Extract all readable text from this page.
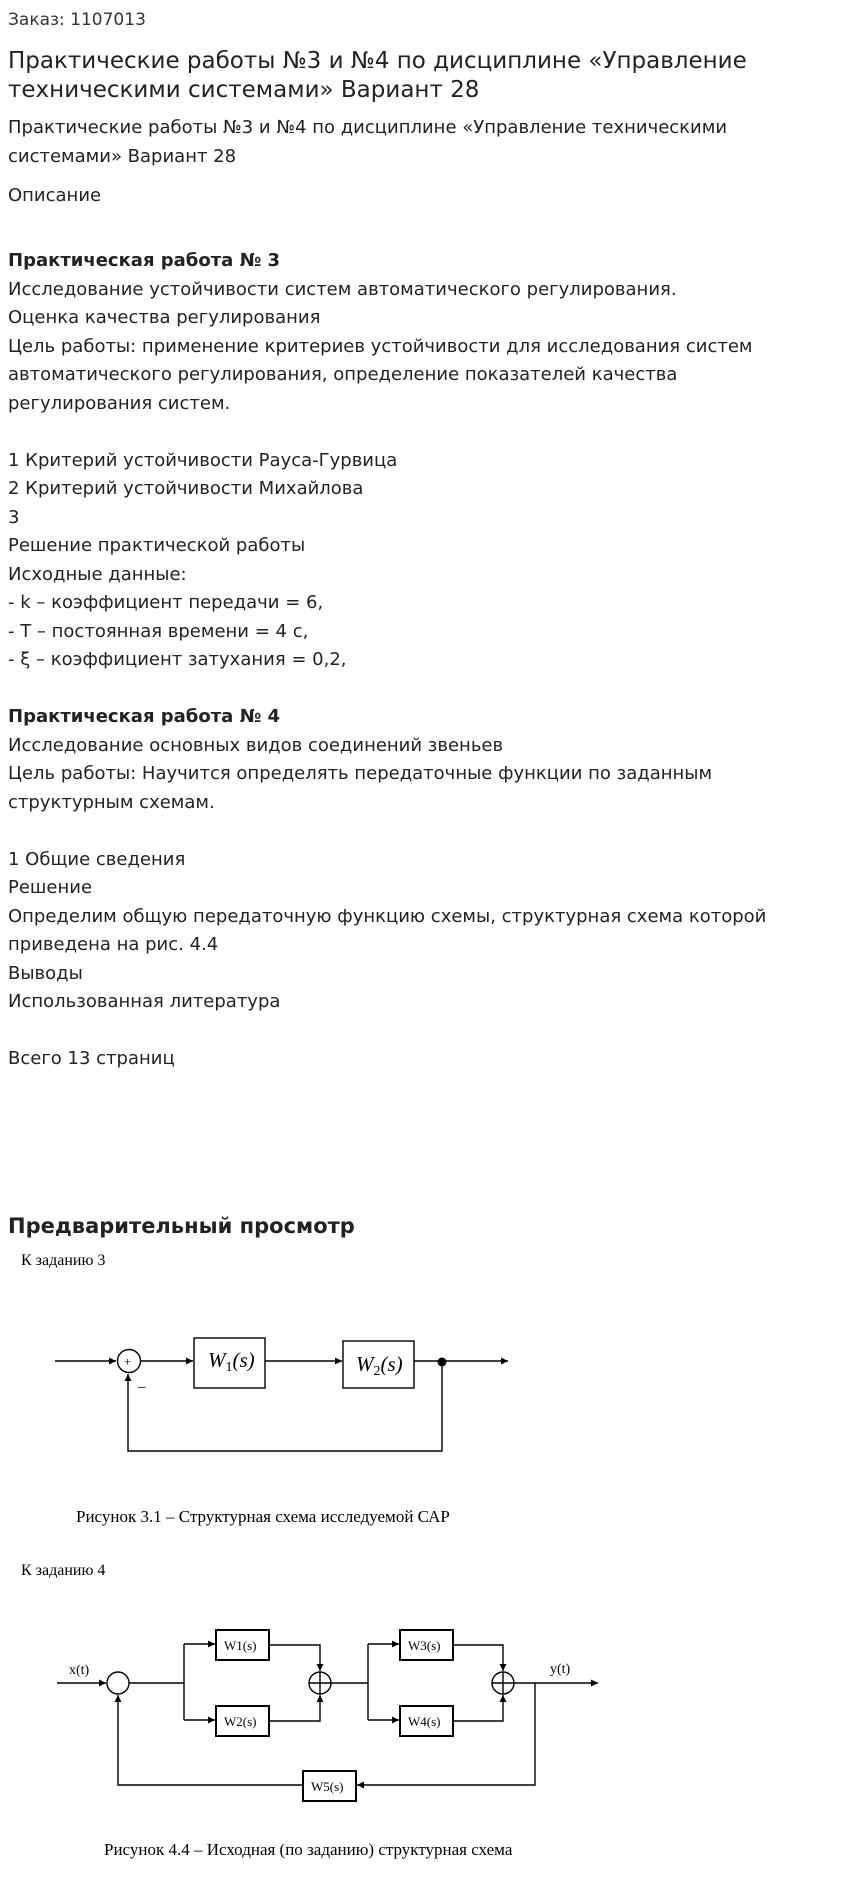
Заказ: 1107013
Практические работы №3 и №4 по дисциплине «Управление техническими системами» Вариант 28
Практические работы №3 и №4 по дисциплине «Управление техническими системами» Вариант 28
Описание
Практическая работа № 3
Исследование устойчивости систем автоматического регулирования.
Оценка качества регулирования
Цель работы: применение критериев устойчивости для исследования систем
автоматического регулирования, определение показателей качества
регулирования систем.
1 Критерий устойчивости Рауса-Гурвица
2 Критерий устойчивости Михайлова
3
Решение практической работы
Исходные данные:
- k – коэффициент передачи = 6,
- Т – постоянная времени = 4 с,
- ξ – коэффициент затухания = 0,2,
Практическая работа № 4
Исследование основных видов соединений звеньев
Цель работы: Научится определять передаточные функции по заданным
структурным схемам.
1 Общие сведения
Решение
Определим общую передаточную функцию схемы, структурная схема которой
приведена на рис. 4.4
Выводы
Использованная литература
Всего 13 страниц
Предварительный просмотр
К заданию 3
+
–
W1(s)	W2(s)
Рисунок 3.1 – Структурная схема исследуемой САР
К заданию 4
x(t)	y(t)
W1(s)
W2(s)
W3(s)
W4(s)
W5(s)
Рисунок 4.4 – Исходная (по заданию) структурная схема
